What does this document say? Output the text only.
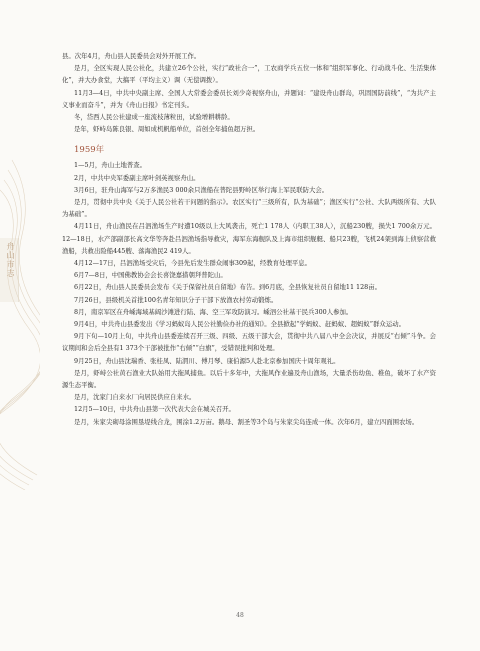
舟山市志

县。次年4月，舟山县人民委员会对外开展工作。

是月，全区实现人民公社化，共建立26个公社，实行“政社合一”，工农商学兵五位一体和“组织军事化、行动战斗化、生活集体化”，并大办食堂，大搞平（平均主义）调（无偿调拨）。

11月3—4日，中共中央副主席、全国人大常委会委员长刘少奇视察舟山，并题词：“建设舟山群岛，巩固国防前线”，“为共产主义事业而奋斗”，并为《舟山日报》书定刊头。

冬，岱西人民公社建成一座流枝薄粒田，试验增耕耕龄。

是年，虾峙岛陈良银、周如成机帆船单位，首创全年捕鱼超万担。

1959年

1—5月，舟山土地普查。

2月，中共中央军委副主席叶剑英视察舟山。

3月6日，驻舟山海军与2万多渔民3 000余只渔船在普陀县野岭区举行海上军民联防大会。

是月，贯彻中共中央《关于人民公社若干问题的指示》。农区实行“三级所有，队为基础”；渔区实行“公社、大队两级所有、大队为基础”。

4月11日，舟山渔民在吕泗渔场生产时遭10级以上大风袭击，死亡1 178人（内职工38人），沉船230艘，损失1 700余万元。12—18日，水产部副部长高文华等奔赴吕泗渔场指导救灾，海军东海舰队及上海市组织舰艇、船只23艘，飞机24架到海上侦察营救渔船，共救出险船445艘、落海渔民2 419人。

4月12—17日，吕泗渔场受灾后，今县先后发生群众闹事309起，经教育处理平息。

6月7—8日，中国佛教协会会长喜饶嘉措朝拜普陀山。

6月22日，舟山县人民委员会发布《关于保留社员自留地》布告。到6月底，全县恢复社员自留地11 128亩。

7月26日，县级机关首批100名青年知识分子干部下放渔农村劳动锻炼。

8月，南京军区在舟嵊海域基阔沙滩进行陆、海、空三军攻防演习。嵊泗公社基干民兵300人参加。

9月4日，中共舟山县委发出《学习蚂蚁岛人民公社勤俭办社的通知》。全县掀起“学蚂蚁、赶蚂蚁、超蚂蚁”群众运动。

9月下旬—10月上旬，中共舟山县委连续召开三级、四级、五级干部大会，贯彻中共八届八中全会决议，并展反“右倾”斗争。会议期间和会后全县有1 373个干部被批作“右倾”“白旗”，受错误批判和处理。

9月25日，舟山县沈瑞香、张桂凤、陆渭川、傅月琴、康伯源5人赴北京参加国庆十周年观礼。

是月，虾峙公社黄石渔业大队始用大拖风捕鱼。以后十多年中，大拖风作业遍及舟山渔场，大量杀伤幼鱼、稚鱼，破坏了水产资源生态平衡。

是月，沈家门自来水厂向居民供应自来水。

12月5—10日，中共舟山县第一次代表大会在城关召开。

是月，朱家尖砌母涂围垦堤线合龙，围涂1.2万亩。鹅母、割圣等3个岛与朱家尖岛连成一体。次年6月，建立四面围农场。

48
